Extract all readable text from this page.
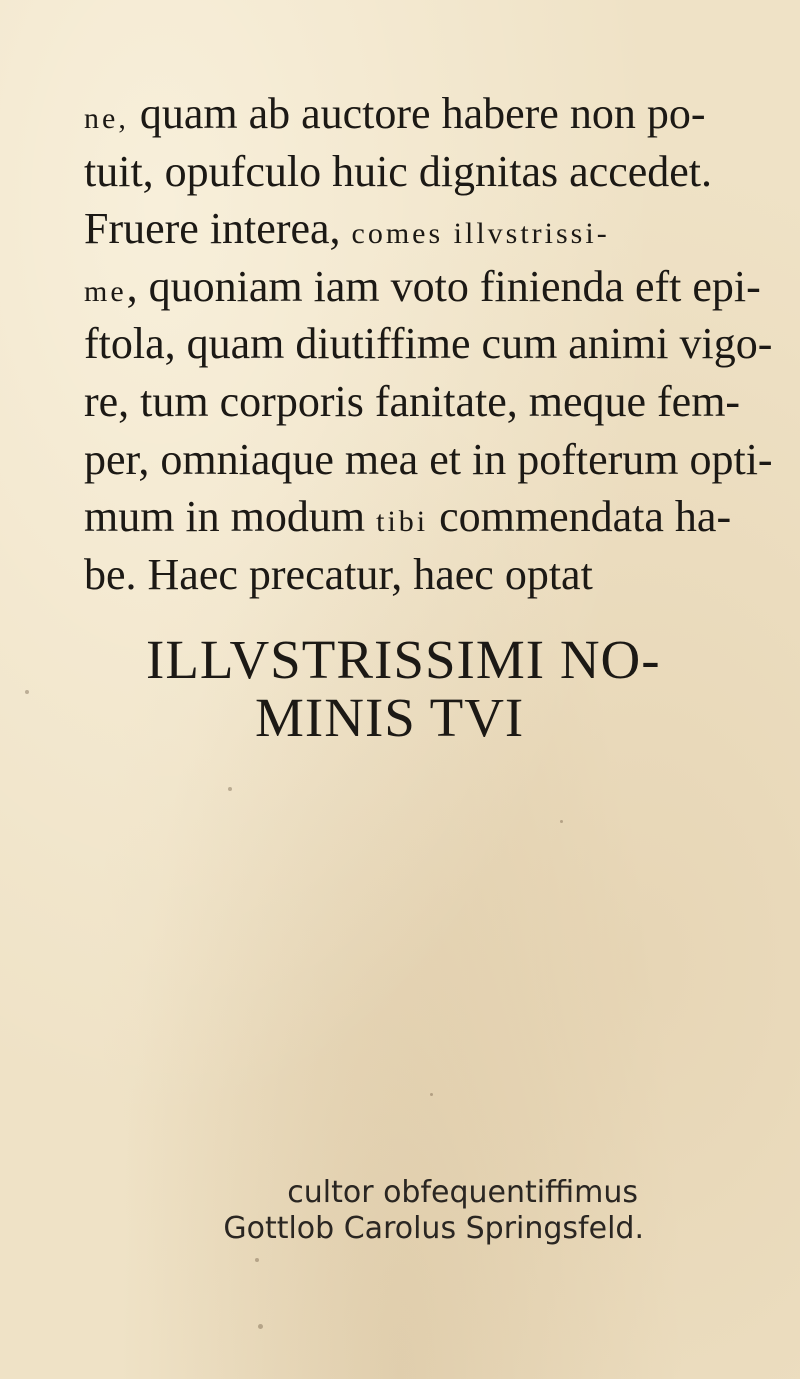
ne, quam ab auctore habere non po-
tuit, opufculo huic dignitas accedet.
Fruere interea, comes illvstrissi-
me, quoniam iam voto finienda eft epi-
ftola, quam diutiffime cum animi vigo-
re, tum corporis fanitate, meque fem-
per, omniaque mea et in pofterum opti-
mum in modum tibi commendata ha-
be. Haec precatur, haec optat
ILLVSTRISSIMI NO-
MINIS TVI
cultor obfequentiffimus
Gottlob Carolus Springsfeld.
